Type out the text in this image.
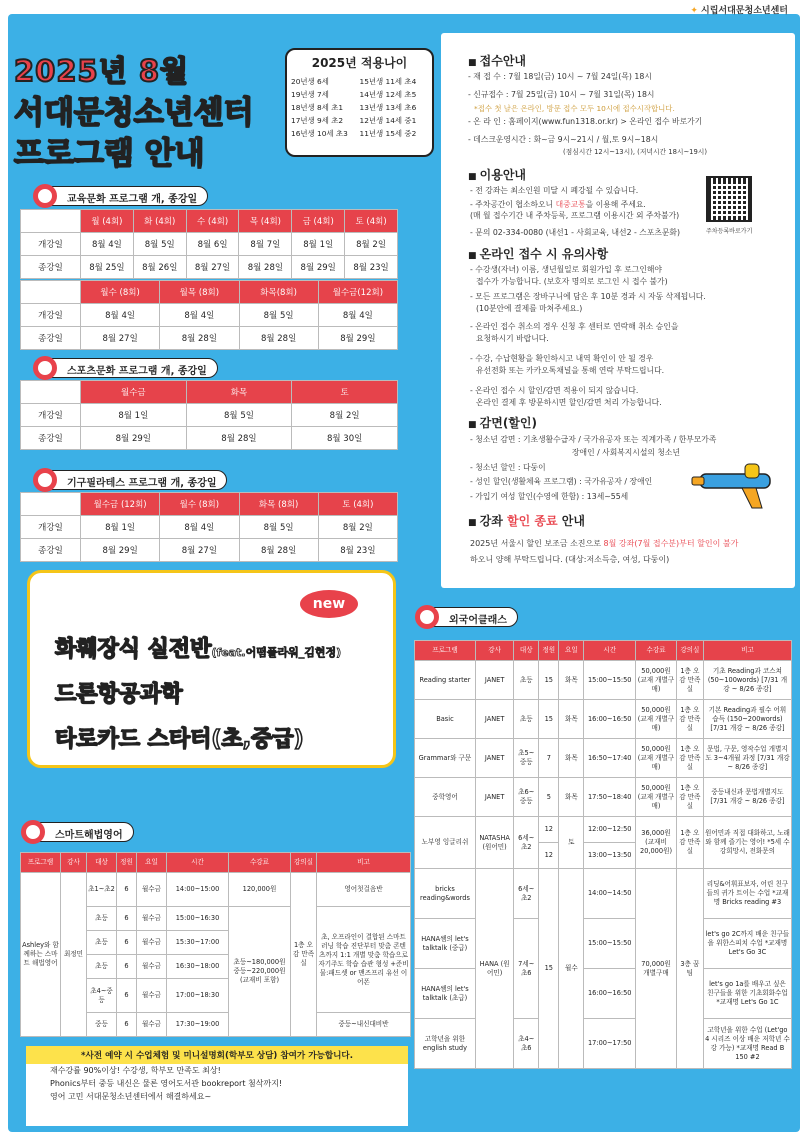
✦ 시립서대문청소년센터
2025년 8월
서대문청소년센터
프로그램 안내
2025년 적용나이
20년생 6세	15년생 11세 초4
19년생 7세	14년생 12세 초5
18년생 8세 초1	13년생 13세 초6
17년생 9세 초2	12년생 14세 중1
16년생 10세 초3	11년생 15세 중2
교육문화 프로그램 개, 종강일
	월 (4회)	화 (4회)	수 (4회)	목 (4회)	금 (4회)	토 (4회)
개강일	8월 4일	8월 5일	8월 6일	8월 7일	8월 1일	8월 2일
종강일	8월 25일	8월 26일	8월 27일	8월 28일	8월 29일	8월 23일
	월수 (8회)	월목 (8회)	화목(8회)	월수금(12회)
개강일	8월 4일	8월 4일	8월 5일	8월 4일
종강일	8월 27일	8월 28일	8월 28일	8월 29일
스포츠문화 프로그램 개, 종강일
	월수금	화목	토
개강일	8월 1일	8월 5일	8월 2일
종강일	8월 29일	8월 28일	8월 30일
기구필라테스 프로그램 개, 종강일
	월수금 (12회)	월수 (8회)	화목 (8회)	토 (4회)
개강일	8월 1일	8월 4일	8월 5일	8월 2일
종강일	8월 29일	8월 27일	8월 28일	8월 23일
■ 접수안내
- 재 접 수 : 7월 18일(금) 10시 ~ 7월 24일(목) 18시
- 신규접수 : 7월 25일(금) 10시 ~ 7월 31일(목) 18시
*접수 첫 날은 온라인, 방문 접수 모두 10시에 접수시작합니다.
- 온 라 인 : 홈페이지(www.fun1318.or.kr) > 온라인 접수 바로가기
- 데스크운영시간 : 화~금 9시~21시 / 월,토 9시~18시
(점심시간 12시~13시), (저녁시간 18시~19시)
■ 이용안내
- 전 강좌는 최소인원 미달 시 폐강될 수 있습니다.
- 주차공간이 협소하오니 대중교통을 이용해 주세요.
(매 월 접수기간 내 주차등록, 프로그램 이용시간 외 주차불가)
- 문의 02-334-0080 (내선1 - 사회교육, 내선2 - 스포츠문화)	주차등록바로가기
■ 온라인 접수 시 유의사항
- 수강생(자녀) 이름, 생년월일로 회원가입 후 로그인해야
접수가 가능합니다. (보호자 명의로 로그인 시 접수 불가)
- 모든 프로그램은 장바구니에 담은 후 10분 경과 시 자동 삭제됩니다.
(10분안에 결제를 마쳐주세요.)
- 온라인 접수 취소의 경우 신청 후 센터로 연락해 취소 승인을
요청하시기 바랍니다.
- 수강, 수납현황을 확인하시고 내역 확인이 안 될 경우
유선전화 또는 카카오톡채널을 통해 연락 부탁드립니다.
- 온라인 접수 시 할인/감면 적용이 되지 않습니다.
온라인 결제 후 방문하시면 할인/감면 처리 가능합니다.
■ 감면(할인)
- 청소년 감면 : 기초생활수급자 / 국가유공자 또는 직계가족 / 한부모가족
장애인 / 사회복지시설의 청소년
- 청소년 할인 : 다둥이
- 성인 할인(생활체육 프로그램) : 국가유공자 / 장애인
- 가입기 여성 할인(수영에 한함) : 13세~55세
■ 강좌 할인 종료 안내
2025년 서울시 할인 보조금 소진으로 8월 강좌(7월 접수분)부터 할인이 불가
하오니 양해 부탁드립니다. (대상:저소득층, 여성, 다둥이)
new
화훼장식 실전반(feat.어떰플라워_김현정)
드론항공과학
타로카드 스타터(초,중급)
스마트해법영어
프로그램	강사	대상	정원	요일	시간	수강료	강의실	비고
Ashley와 함께하는 스마트 해법영어	최정민	초1~초2	6	월수금	14:00~15:00	120,000원	1층 오감 만족실	영어첫걸음반
		초등	6	월수금	15:00~16:30	초등~180,000원 중등~220,000원 (교재비 포함)		초, 오프라인이 결합된 스마트 러닝 학습 진단부터 맞춤 콘텐츠까지 1:1 개별 맞춤 학습으로 자기주도 학습 습관 형성 +준비물:패드셋 or 맨즈프리 유선 이어폰
		초등	6	월수금	15:30~17:00			
		초등	6	월수금	16:30~18:00			
		초4~중등	6	월수금	17:00~18:30			
		중등	6	월수금	17:30~19:00			중등~내신대비반
*사전 예약 시 수업체험 및 미니설명회(학부모 상담) 참여가 가능합니다.
재수강률 90%이상! 수강생, 학부모 만족도 최상!
Phonics부터 중등 내신은 물론 영어도서관 bookreport 첨삭까지!
영어 고민 서대문청소년센터에서 해결하세요~
외국어클래스
프로그램	강사	대상	정원	요일	시간	수강료	강의실	비고
Reading starter	JANET	초등	15	화목	15:00~15:50	50,000원 (교재 개별구매)	1층 오감 만족실	기초 Reading과 코스쳐 (50~100words) [7/31 개강 ~ 8/26 종강]
Basic	JANET	초등	15	화목	16:00~16:50	50,000원 (교재 개별구매)	1층 오감 만족실	기본 Reading과 필수 어휘 습득 (150~200words) [7/31 개강 ~ 8/26 종강]
Grammar와 구문	JANET	초5~중등	7	화목	16:50~17:40	50,000원 (교재 개별구매)	1층 오감 만족실	문법, 구문, 영작수업 개별지도 3~4개월 과정 [7/31 개강 ~ 8/26 종강]
중학영어	JANET	초6~중등	5	화목	17:50~18:40	50,000원 (교재 개별구매)	1층 오감 만족실	중등내신과 문법개별지도 [7/31 개강 ~ 8/26 종강]
노부영 잉글리쉬	NATASHA (원어민)	6세~초2	12	토	12:00~12:50	36,000원 (교재비 20,000원)	1층 오감 만족실	원어민과 직접 대화하고, 노래와 함께 즐기는 영어! *5세 수강희망시, 전화문의
			12		13:00~13:50			
bricks reading&words	HANA (원어민)	6세~초2	15	월수	14:00~14:50	70,000원 개별구매	3층 꿈팀	리딩&어휘표보자, 어린 친구들의 귀가 트이는 수업 *교재명 Bricks reading #3
HANA쌤의 let's talktalk (중급)		7세~초6			15:00~15:50			let's go 2C까지 배운 친구들을 위한스피치 수업 *교재명 Let's Go 3C
HANA쌤의 let's talktalk (초급)					16:00~16:50			let's go 1a를 배우고 싶은 친구들을 위한 기초회화수업 *교재명 Let's Go 1C
고학년을 위한 english study		초4~초6			17:00~17:50			고학년을 위한 수업 (Let'go 4 시리즈 이상 배운 저학년 수강 가능) *교재명 Read B 150 #2
